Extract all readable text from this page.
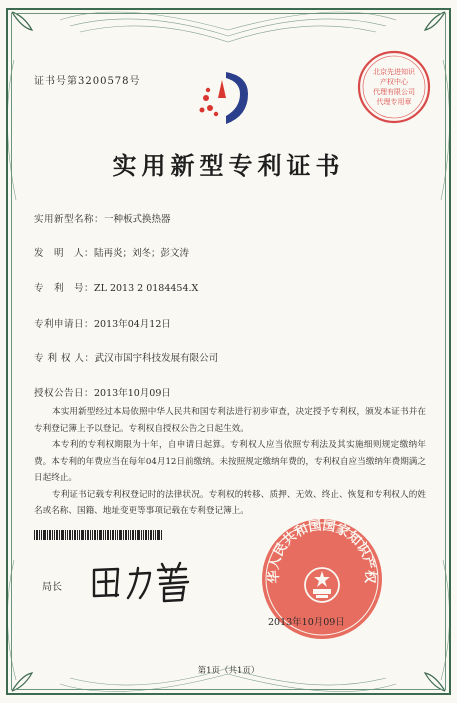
证书号第3200578号
北京先进知识
产权中心
代理有限公司
代理专用章
实用新型专利证书
实用新型名称：一种板式换热器
发　明　人：陆再炎；刘冬；彭文涛
专　利　号：ZL 2013 2 0184454.X
专利申请日：2013年04月12日
专 利 权 人：武汉市国宇科技发展有限公司
授权公告日：2013年10月09日

本实用新型经过本局依照中华人民共和国专利法进行初步审查，决定授予专利权，颁发本证书并在专利登记簿上予以登记。专利权自授权公告之日起生效。

本专利的专利权期限为十年，自申请日起算。专利权人应当依照专利法及其实施细则规定缴纳年费。本专利的年费应当在每年04月12日前缴纳。未按照规定缴纳年费的，专利权自应当缴纳年费期满之日起终止。

专利证书记载专利权登记时的法律状况。专利权的转移、质押、无效、终止、恢复和专利权人的姓名或名称、国籍、地址变更等事项记载在专利登记簿上。

局长
华人民共和国国家知识产权
2013年10月09日
第1页（共1页）
